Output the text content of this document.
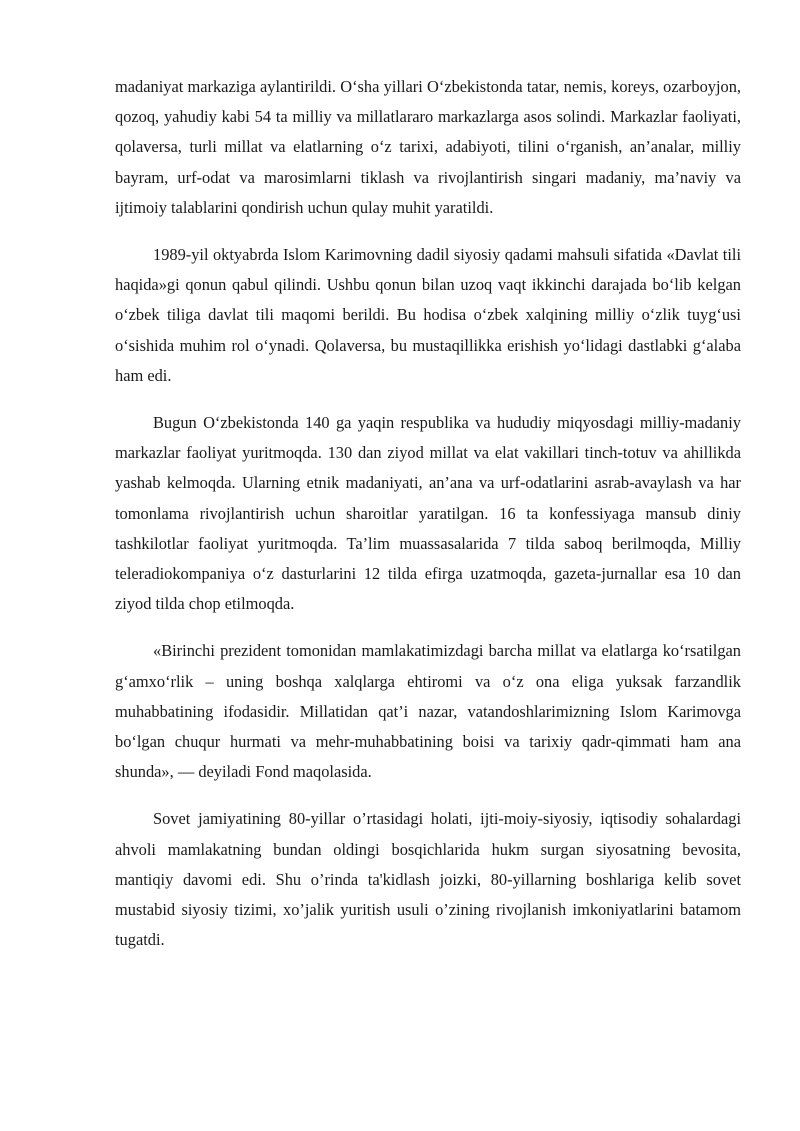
madaniyat markaziga aylantirildi. O‘sha yillari O‘zbekistonda tatar, nemis, koreys, ozarboyjon, qozoq, yahudiy kabi 54 ta milliy va millatlararo markazlarga asos solindi. Markazlar faoliyati, qolaversa, turli millat va elatlarning o‘z tarixi, adabiyoti, tilini o‘rganish, an’analar, milliy bayram, urf-odat va marosimlarni tiklash va rivojlantirish singari madaniy, ma’naviy va ijtimoiy talablarini qondirish uchun qulay muhit yaratildi.

1989-yil oktyabrda Islom Karimovning dadil siyosiy qadami mahsuli sifatida «Davlat tili haqida»gi qonun qabul qilindi. Ushbu qonun bilan uzoq vaqt ikkinchi darajada bo‘lib kelgan o‘zbek tiliga davlat tili maqomi berildi. Bu hodisa o‘zbek xalqining milliy o‘zlik tuyg‘usi o‘sishida muhim rol o‘ynadi. Qolaversa, bu mustaqillikka erishish yo‘lidagi dastlabki g‘alaba ham edi.

Bugun O‘zbekistonda 140 ga yaqin respublika va hududiy miqyosdagi milliy-madaniy markazlar faoliyat yuritmoqda. 130 dan ziyod millat va elat vakillari tinch-totuv va ahillikda yashab kelmoqda. Ularning etnik madaniyati, an’ana va urf-odatlarini asrab-avaylash va har tomonlama rivojlantirish uchun sharoitlar yaratilgan. 16 ta konfessiyaga mansub diniy tashkilotlar faoliyat yuritmoqda. Ta’lim muassasalarida 7 tilda saboq berilmoqda, Milliy teleradiokompaniya o‘z dasturlarini 12 tilda efirga uzatmoqda, gazeta-jurnallar esa 10 dan ziyod tilda chop etilmoqda.

«Birinchi prezident tomonidan mamlakatimizdagi barcha millat va elatlarga ko‘rsatilgan g‘amxo‘rlik – uning boshqa xalqlarga ehtiromi va o‘z ona eliga yuksak farzandlik muhabbatining ifodasidir. Millatidan qat’i nazar, vatandoshlarimizning Islom Karimovga bo‘lgan chuqur hurmati va mehr-muhabbatining boisi va tarixiy qadr-qimmati ham ana shunda», — deyiladi Fond maqolasida.

Sovet jamiyatining 80-yillar o’rtasidagi holati, ijti-moiy-siyosiy, iqtisodiy sohalardagi ahvoli mamlakatning bundan oldingi bosqichlarida hukm surgan siyosatning bevosita, mantiqiy davomi edi. Shu o’rinda ta'kidlash joizki, 80-yillarning boshlariga kelib sovet mustabid siyosiy tizimi, xo’jalik yuritish usuli o’zining rivojlanish imkoniyatlarini batamom tugatdi.
